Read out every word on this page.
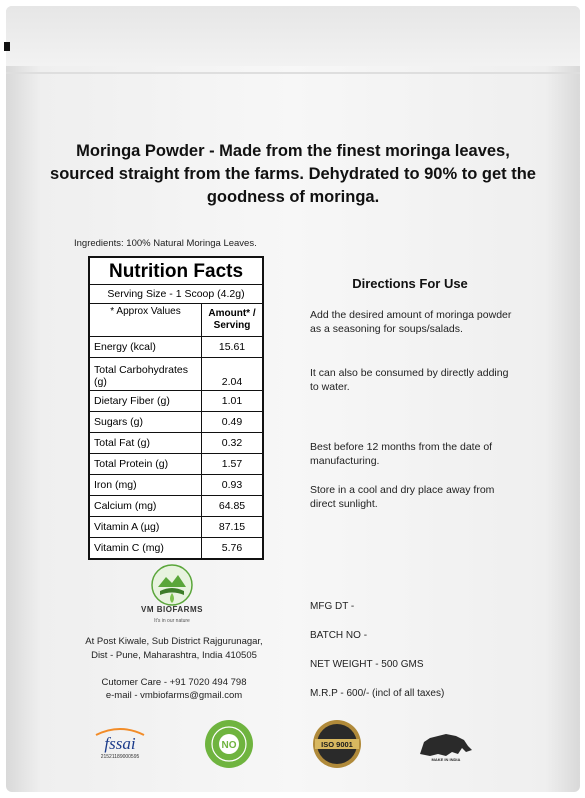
Moringa Powder - Made from the finest moringa leaves, sourced straight from the farms. Dehydrated to 90% to get the goodness of moringa.
Ingredients: 100% Natural Moringa Leaves.
Nutrition Facts
Serving Size - 1 Scoop (4.2g)
* Approx Values	Amount* / Serving
Energy (kcal)	15.61
Total Carbohydrates (g)	2.04
Dietary Fiber (g)	1.01
Sugars (g)	0.49
Total Fat (g)	0.32
Total Protein (g)	1.57
Iron (mg)	0.93
Calcium (mg)	64.85
Vitamin A (µg)	87.15
Vitamin C (mg)	5.76
Directions For Use
Add the desired amount of moringa powder as a seasoning for soups/salads.
It can also be consumed by directly adding to water.
Best before 12 months from the date of manufacturing.
Store in a cool and dry place away from direct sunlight.
VM BIOFARMS
It's in our nature
At Post Kiwale, Sub District Rajgurunagar,
Dist - Pune, Maharashtra, India 410505
Cutomer Care - +91 7020 494 798
e-mail - vmbiofarms@gmail.com
MFG DT -
BATCH NO -
NET WEIGHT - 500 GMS
M.R.P - 600/- (incl of all taxes)
fssai
21521189000595
NO	ISO 9001
MAKE IN INDIA
